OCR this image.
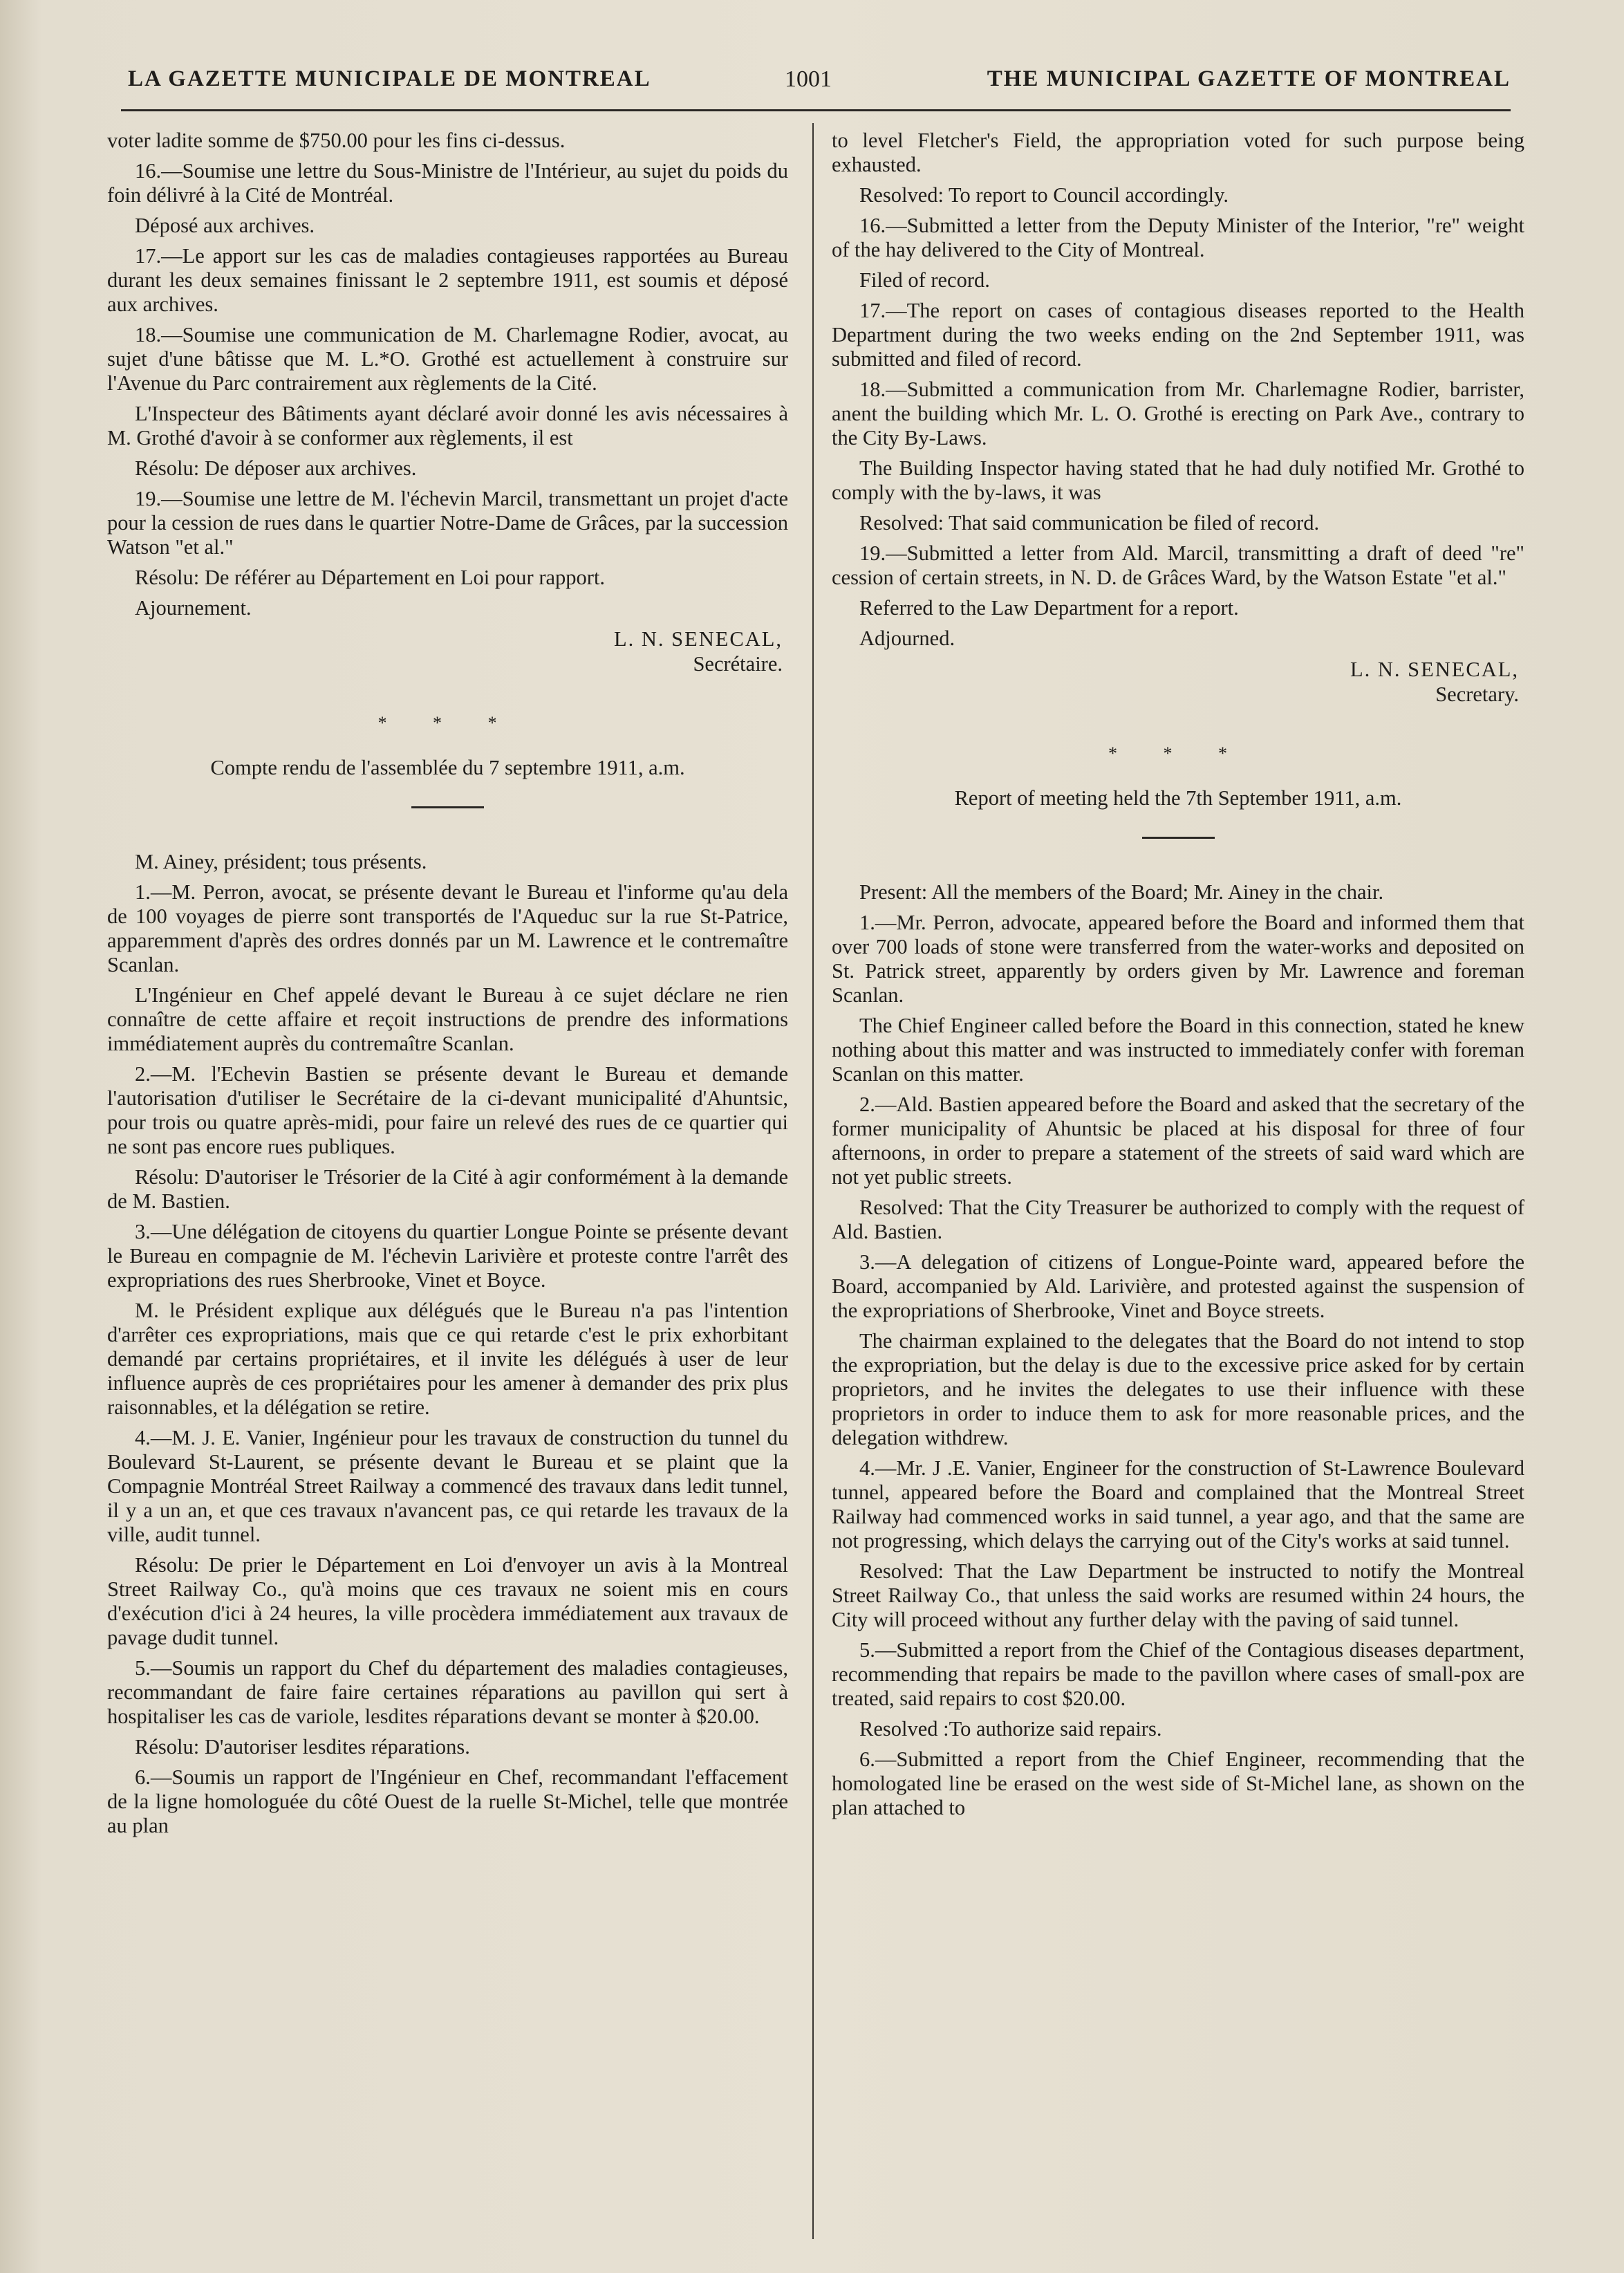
LA GAZETTE MUNICIPALE DE MONTREAL	1001	THE MUNICIPAL GAZETTE OF MONTREAL

voter ladite somme de $750.00 pour les fins ci-dessus.

16.—Soumise une lettre du Sous-Ministre de l'Intérieur, au sujet du poids du foin délivré à la Cité de Montréal.

Déposé aux archives.

17.—Le apport sur les cas de maladies contagieuses rapportées au Bureau durant les deux semaines finissant le 2 septembre 1911, est soumis et déposé aux archives.

18.—Soumise une communication de M. Charlemagne Rodier, avocat, au sujet d'une bâtisse que M. L.*O. Grothé est actuellement à construire sur l'Avenue du Parc contrairement aux règlements de la Cité.

L'Inspecteur des Bâtiments ayant déclaré avoir donné les avis nécessaires à M. Grothé d'avoir à se conformer aux règlements, il est

Résolu: De déposer aux archives.

19.—Soumise une lettre de M. l'échevin Marcil, transmettant un projet d'acte pour la cession de rues dans le quartier Notre-Dame de Grâces, par la succession Watson "et al."

Résolu: De référer au Département en Loi pour rapport.

Ajournement.

L. N. SENECAL,
Secrétaire.
* * *

Compte rendu de l'assemblée du 7 septembre 1911, a.m.

M. Ainey, président; tous présents.

1.—M. Perron, avocat, se présente devant le Bureau et l'informe qu'au dela de 100 voyages de pierre sont transportés de l'Aqueduc sur la rue St-Patrice, apparemment d'après des ordres donnés par un M. Lawrence et le contremaître Scanlan.

L'Ingénieur en Chef appelé devant le Bureau à ce sujet déclare ne rien connaître de cette affaire et reçoit instructions de prendre des informations immédiatement auprès du contremaître Scanlan.

2.—M. l'Echevin Bastien se présente devant le Bureau et demande l'autorisation d'utiliser le Secrétaire de la ci-devant municipalité d'Ahuntsic, pour trois ou quatre après-midi, pour faire un relevé des rues de ce quartier qui ne sont pas encore rues publiques.

Résolu: D'autoriser le Trésorier de la Cité à agir conformément à la demande de M. Bastien.

3.—Une délégation de citoyens du quartier Longue Pointe se présente devant le Bureau en compagnie de M. l'échevin Larivière et proteste contre l'arrêt des expropriations des rues Sherbrooke, Vinet et Boyce.

M. le Président explique aux délégués que le Bureau n'a pas l'intention d'arrêter ces expropriations, mais que ce qui retarde c'est le prix exhorbitant demandé par certains propriétaires, et il invite les délégués à user de leur influence auprès de ces propriétaires pour les amener à demander des prix plus raisonnables, et la délégation se retire.

4.—M. J. E. Vanier, Ingénieur pour les travaux de construction du tunnel du Boulevard St-Laurent, se présente devant le Bureau et se plaint que la Compagnie Montréal Street Railway a commencé des travaux dans ledit tunnel, il y a un an, et que ces travaux n'avancent pas, ce qui retarde les travaux de la ville, audit tunnel.

Résolu: De prier le Département en Loi d'envoyer un avis à la Montreal Street Railway Co., qu'à moins que ces travaux ne soient mis en cours d'exécution d'ici à 24 heures, la ville procèdera immédiatement aux travaux de pavage dudit tunnel.

5.—Soumis un rapport du Chef du département des maladies contagieuses, recommandant de faire faire certaines réparations au pavillon qui sert à hospitaliser les cas de variole, lesdites réparations devant se monter à $20.00.

Résolu: D'autoriser lesdites réparations.

6.—Soumis un rapport de l'Ingénieur en Chef, recommandant l'effacement de la ligne homologuée du côté Ouest de la ruelle St-Michel, telle que montrée au plan

to level Fletcher's Field, the appropriation voted for such purpose being exhausted.

Resolved: To report to Council accordingly.

16.—Submitted a letter from the Deputy Minister of the Interior, "re" weight of the hay delivered to the City of Montreal.

Filed of record.

17.—The report on cases of contagious diseases reported to the Health Department during the two weeks ending on the 2nd September 1911, was submitted and filed of record.

18.—Submitted a communication from Mr. Charlemagne Rodier, barrister, anent the building which Mr. L. O. Grothé is erecting on Park Ave., contrary to the City By-Laws.

The Building Inspector having stated that he had duly notified Mr. Grothé to comply with the by-laws, it was

Resolved: That said communication be filed of record.

19.—Submitted a letter from Ald. Marcil, transmitting a draft of deed "re" cession of certain streets, in N. D. de Grâces Ward, by the Watson Estate "et al."

Referred to the Law Department for a report.

Adjourned.

L. N. SENECAL,
Secretary.
* * *

Report of meeting held the 7th September 1911, a.m.

Present: All the members of the Board; Mr. Ainey in the chair.

1.—Mr. Perron, advocate, appeared before the Board and informed them that over 700 loads of stone were transferred from the water-works and deposited on St. Patrick street, apparently by orders given by Mr. Lawrence and foreman Scanlan.

The Chief Engineer called before the Board in this connection, stated he knew nothing about this matter and was instructed to immediately confer with foreman Scanlan on this matter.

2.—Ald. Bastien appeared before the Board and asked that the secretary of the former municipality of Ahuntsic be placed at his disposal for three of four afternoons, in order to prepare a statement of the streets of said ward which are not yet public streets.

Resolved: That the City Treasurer be authorized to comply with the request of Ald. Bastien.

3.—A delegation of citizens of Longue-Pointe ward, appeared before the Board, accompanied by Ald. Larivière, and protested against the suspension of the expropriations of Sherbrooke, Vinet and Boyce streets.

The chairman explained to the delegates that the Board do not intend to stop the expropriation, but the delay is due to the excessive price asked for by certain proprietors, and he invites the delegates to use their influence with these proprietors in order to induce them to ask for more reasonable prices, and the delegation withdrew.

4.—Mr. J .E. Vanier, Engineer for the construction of St-Lawrence Boulevard tunnel, appeared before the Board and complained that the Montreal Street Railway had commenced works in said tunnel, a year ago, and that the same are not progressing, which delays the carrying out of the City's works at said tunnel.

Resolved: That the Law Department be instructed to notify the Montreal Street Railway Co., that unless the said works are resumed within 24 hours, the City will proceed without any further delay with the paving of said tunnel.

5.—Submitted a report from the Chief of the Contagious diseases department, recommending that repairs be made to the pavillon where cases of small-pox are treated, said repairs to cost $20.00.

Resolved :To authorize said repairs.

6.—Submitted a report from the Chief Engineer, recommending that the homologated line be erased on the west side of St-Michel lane, as shown on the plan attached to
